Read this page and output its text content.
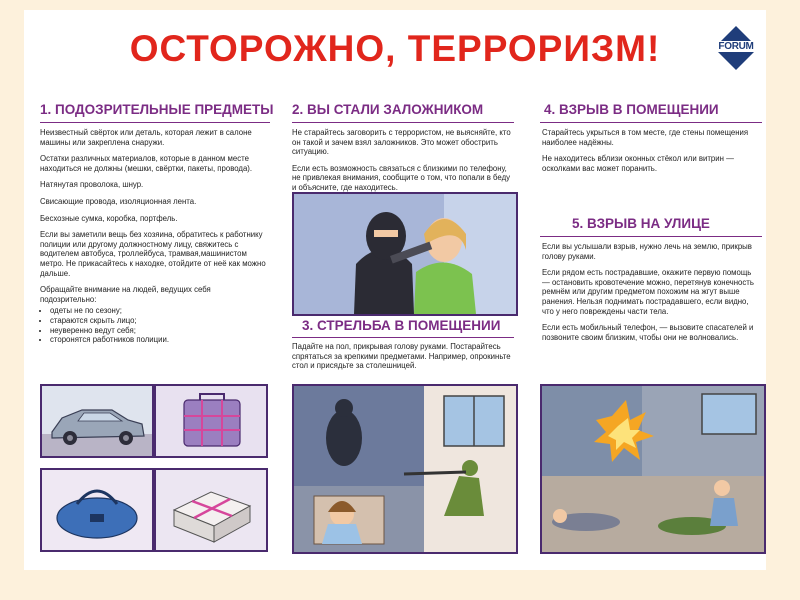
ОСТОРОЖНО, ТЕРРОРИЗМ!	FORUM
1. ПОДОЗРИТЕЛЬНЫЕ ПРЕДМЕТЫ

Неизвестный свёрток или деталь, которая лежит в салоне машины или закреплена снаружи.

Остатки различных материалов, которые в данном месте находиться не должны (мешки, свёртки, пакеты, провода).

Натянутая проволока, шнур.

Свисающие провода, изоляционная лента.

Бесхозные сумка, коробка, портфель.

Если вы заметили вещь без хозяина, обратитесь к работнику полиции или другому должностному лицу, свяжитесь с водителем автобуса, троллейбуса, трамвая,машинистом метро. Не прикасайтесь к находке, отойдите от неё как можно дальше.

Обращайте внимание на людей, ведущих себя подозрительно:

• одеты не по сезону;
• стараются скрыть лицо;
• неуверенно ведут себя;
• сторонятся работников полиции.
2. ВЫ СТАЛИ ЗАЛОЖНИКОМ

Не старайтесь заговорить с террористом, не выясняйте, кто он такой и зачем взял заложников. Это может обострить ситуацию.

Если есть возможность связаться с близкими по телефону, не привлекая внимания, сообщите о том, что попали в беду и объясните, где находитесь.

3. СТРЕЛЬБА В ПОМЕЩЕНИИ

Падайте на пол, прикрывая голову руками. Постарайтесь спрятаться за крепкими предметами. Например, опрокиньте стол и присядьте за столешницей.

4. ВЗРЫВ В ПОМЕЩЕНИИ

Старайтесь укрыться в том месте, где стены помещения наиболее надёжны.

Не находитесь вблизи оконных стёкол или витрин — осколками вас может поранить.

5. ВЗРЫВ НА УЛИЦЕ

Если вы услышали взрыв, нужно лечь на землю, прикрыв голову руками.

Если рядом есть пострадавшие, окажите первую помощь — остановить кровотечение можно, перетянув конечность ремнём или другим предметом похожим на жгут выше ранения. Нельзя поднимать пострадавшего, если видно, что у него повреждены части тела.

Если есть мобильный телефон, — вызовите спасателей и позвоните своим близким, чтобы они не волновались.
